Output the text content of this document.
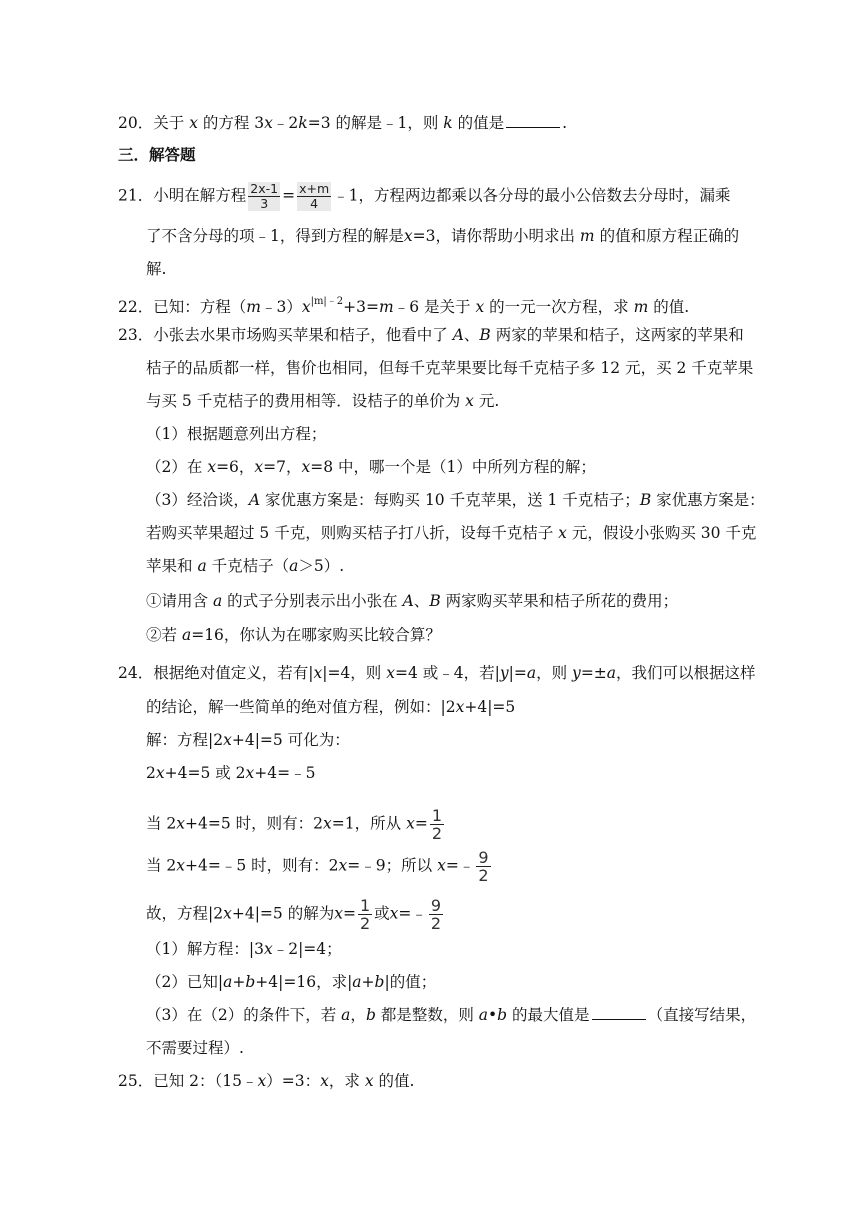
20．关于 x 的方程 3x﹣2k=3 的解是﹣1，则 k 的值是	.
三．解答题
21．小明在解方程 $\frac{2x-1}{3} = \frac{x+m}{4}$ ﹣1，方程两边都乘以各分母的最小公倍数去分母时，漏乘
了不含分母的项﹣1，得到方程的解是x=3，请你帮助小明求出 m 的值和原方程正确的
解.
22．已知：方程$(m﹣3)x^{|m|﹣2}+3=m﹣6$ 是关于 x 的一元一次方程，求 m 的值.
23．小张去水果市场购买苹果和桔子，他看中了 A、B 两家的苹果和桔子，这两家的苹果和
桔子的品质都一样，售价也相同，但每千克苹果要比每千克桔子多 12 元，买 2 千克苹果
与买 5 千克桔子的费用相等．设桔子的单价为 x 元.
（1）根据题意列出方程；
（2）在 x=6，x=7，x=8 中，哪一个是（1）中所列方程的解；
（3）经洽谈，A 家优惠方案是：每购买 10 千克苹果，送 1 千克桔子；B 家优惠方案是：
若购买苹果超过 5 千克，则购买桔子打八折，设每千克桔子 x 元，假设小张购买 30 千克
苹果和 a 千克桔子（a＞5）.
①请用含 a 的式子分别表示出小张在 A、B 两家购买苹果和桔子所花的费用；
②若 a=16，你认为在哪家购买比较合算？
24．根据绝对值定义，若有|x|=4，则 x=4 或﹣4，若|y|=a，则 y=±a，我们可以根据这样
的结论，解一些简单的绝对值方程，例如：|2x+4|=5
解：方程|2x+4|=5 可化为：
2x+4=5 或 2x+4=﹣5
当 2x+4=5 时，则有：2x=1，所从 $x= \frac{1}{2}$
当 2x+4=﹣5 时，则有：2x=﹣9；所以 x=﹣ $\frac{9}{2}$
故，方程|2x+4|=5 的解为$x= \frac{1}{2}$ 或x=﹣ $\frac{9}{2}$
（1）解方程：|3x﹣2|=4；
（2）已知|a+b+4|=16，求|a+b|的值；
（3）在（2）的条件下，若 a，b 都是整数，则 a•b 的最大值是	（直接写结果，
不需要过程）.
25．已知 2：（15﹣x）=3：x，求 x 的值.
